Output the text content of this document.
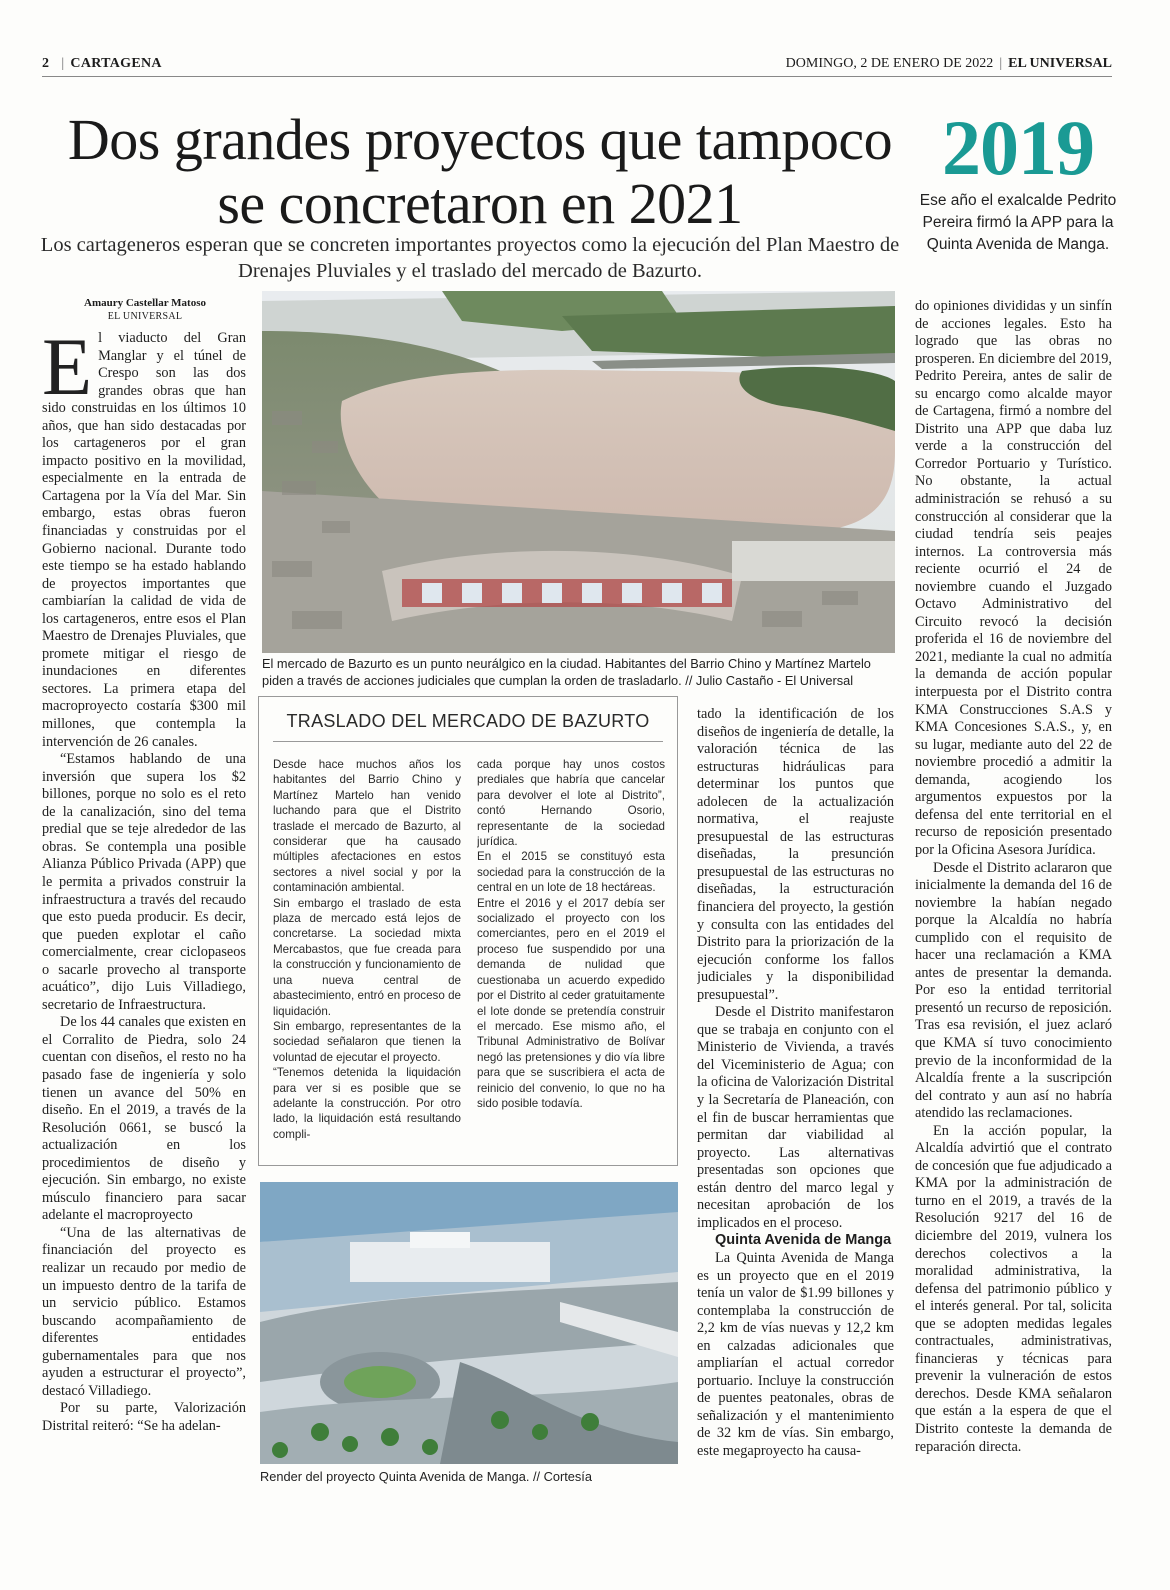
2 | CARTAGENA	DOMINGO, 2 DE ENERO DE 2022 | EL UNIVERSAL
Dos grandes proyectos que tampoco se concretaron en 2021

Los cartageneros esperan que se concreten importantes proyectos como la ejecución del Plan Maestro de Drenajes Pluviales y el traslado del mercado de Bazurto.

2019
Ese año el exalcalde Pedrito Pereira firmó la APP para la Quinta Avenida de Manga.
Amaury Castellar Matoso
EL UNIVERSAL
E l viaducto del Gran Manglar y el túnel de Crespo son las dos grandes obras que han sido construidas en los últimos 10 años, que han sido destacadas por los cartageneros por el gran impacto positivo en la movilidad, especialmente en la entrada de Cartagena por la Vía del Mar. Sin embargo, estas obras fueron financiadas y construidas por el Gobierno nacional. Durante todo este tiempo se ha estado hablando de proyectos importantes que cambiarían la calidad de vida de los cartageneros, entre esos el Plan Maestro de Drenajes Pluviales, que promete mitigar el riesgo de inundaciones en diferentes sectores. La primera etapa del macroproyecto costaría $300 mil millones, que contempla la intervención de 26 canales.

“Estamos hablando de una inversión que supera los $2 billones, porque no solo es el reto de la canalización, sino del tema predial que se teje alrededor de las obras. Se contempla una posible Alianza Público Privada (APP) que le permita a privados construir la infraestructura a través del recaudo que esto pueda producir. Es decir, que pueden explotar el caño comercialmente, crear ciclopaseos o sacarle provecho al transporte acuático”, dijo Luis Villadiego, secretario de Infraestructura.

De los 44 canales que existen en el Corralito de Piedra, solo 24 cuentan con diseños, el resto no ha pasado fase de ingeniería y solo tienen un avance del 50% en diseño. En el 2019, a través de la Resolución 0661, se buscó la actualización en los procedimientos de diseño y ejecución. Sin embargo, no existe músculo financiero para sacar adelante el macroproyecto

“Una de las alternativas de financiación del proyecto es realizar un recaudo por medio de un impuesto dentro de la tarifa de un servicio público. Estamos buscando acompañamiento de diferentes entidades gubernamentales para que nos ayuden a estructurar el proyecto”, destacó Villadiego.

Por su parte, Valorización Distrital reiteró: “Se ha adelan-

El mercado de Bazurto es un punto neurálgico en la ciudad. Habitantes del Barrio Chino y Martínez Martelo piden a través de acciones judiciales que cumplan la orden de trasladarlo. // Julio Castaño - El Universal
TRASLADO DEL MERCADO DE BAZURTO

Desde hace muchos años los habitantes del Barrio Chino y Martínez Martelo han venido luchando para que el Distrito traslade el mercado de Bazurto, al considerar que ha causado múltiples afectaciones en estos sectores a nivel social y por la contaminación ambiental.

Sin embargo el traslado de esta plaza de mercado está lejos de concretarse. La sociedad mixta Mercabastos, que fue creada para la construcción y funcionamiento de una nueva central de abastecimiento, entró en proceso de liquidación.

Sin embargo, representantes de la sociedad señalaron que tienen la voluntad de ejecutar el proyecto.

“Tenemos detenida la liquidación para ver si es posible que se adelante la construcción. Por otro lado, la liquidación está resultando compli-

cada porque hay unos costos prediales que habría que cancelar para devolver el lote al Distrito”, contó Hernando Osorio, representante de la sociedad jurídica.

En el 2015 se constituyó esta sociedad para la construcción de la central en un lote de 18 hectáreas.

Entre el 2016 y el 2017 debía ser socializado el proyecto con los comerciantes, pero en el 2019 el proceso fue suspendido por una demanda de nulidad que cuestionaba un acuerdo expedido por el Distrito al ceder gratuitamente el lote donde se pretendía construir el mercado. Ese mismo año, el Tribunal Administrativo de Bolívar negó las pretensiones y dio vía libre para que se suscribiera el acta de reinicio del convenio, lo que no ha sido posible todavía.

Render del proyecto Quinta Avenida de Manga. // Cortesía

tado la identificación de los diseños de ingeniería de detalle, la valoración técnica de las estructuras hidráulicas para determinar los puntos que adolecen de la actualización normativa, el reajuste presupuestal de las estructuras diseñadas, la presunción presupuestal de las estructuras no diseñadas, la estructuración financiera del proyecto, la gestión y consulta con las entidades del Distrito para la priorización de la ejecución conforme los fallos judiciales y la disponibilidad presupuestal”.

Desde el Distrito manifestaron que se trabaja en conjunto con el Ministerio de Vivienda, a través del Viceministerio de Agua; con la oficina de Valorización Distrital y la Secretaría de Planeación, con el fin de buscar herramientas que permitan dar viabilidad al proyecto. Las alternativas presentadas son opciones que están dentro del marco legal y necesitan aprobación de los implicados en el proceso.

Quinta Avenida de Manga

La Quinta Avenida de Manga es un proyecto que en el 2019 tenía un valor de $1.99 billones y contemplaba la construcción de 2,2 km de vías nuevas y 12,2 km en calzadas adicionales que ampliarían el actual corredor portuario. Incluye la construcción de puentes peatonales, obras de señalización y el mantenimiento de 32 km de vías. Sin embargo, este megaproyecto ha causa-

do opiniones divididas y un sinfín de acciones legales. Esto ha logrado que las obras no prosperen. En diciembre del 2019, Pedrito Pereira, antes de salir de su encargo como alcalde mayor de Cartagena, firmó a nombre del Distrito una APP que daba luz verde a la construcción del Corredor Portuario y Turístico. No obstante, la actual administración se rehusó a su construcción al considerar que la ciudad tendría seis peajes internos. La controversia más reciente ocurrió el 24 de noviembre cuando el Juzgado Octavo Administrativo del Circuito revocó la decisión proferida el 16 de noviembre del 2021, mediante la cual no admitía la demanda de acción popular interpuesta por el Distrito contra KMA Construcciones S.A.S y KMA Concesiones S.A.S., y, en su lugar, mediante auto del 22 de noviembre procedió a admitir la demanda, acogiendo los argumentos expuestos por la defensa del ente territorial en el recurso de reposición presentado por la Oficina Asesora Jurídica.

Desde el Distrito aclararon que inicialmente la demanda del 16 de noviembre la habían negado porque la Alcaldía no habría cumplido con el requisito de hacer una reclamación a KMA antes de presentar la demanda. Por eso la entidad territorial presentó un recurso de reposición. Tras esa revisión, el juez aclaró que KMA sí tuvo conocimiento previo de la inconformidad de la Alcaldía frente a la suscripción del contrato y aun así no habría atendido las reclamaciones.

En la acción popular, la Alcaldía advirtió que el contrato de concesión que fue adjudicado a KMA por la administración de turno en el 2019, a través de la Resolución 9217 del 16 de diciembre del 2019, vulnera los derechos colectivos a la moralidad administrativa, la defensa del patrimonio público y el interés general. Por tal, solicita que se adopten medidas legales contractuales, administrativas, financieras y técnicas para prevenir la vulneración de estos derechos. Desde KMA señalaron que están a la espera de que el Distrito conteste la demanda de reparación directa.
